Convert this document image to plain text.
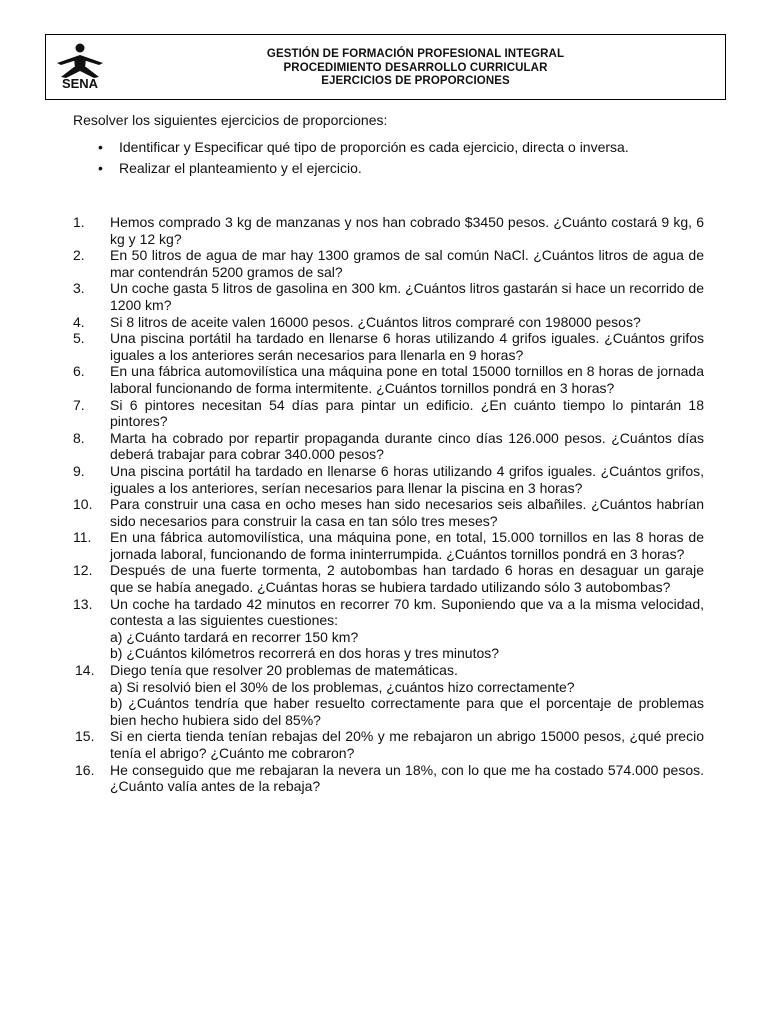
SENA
GESTIÓN DE FORMACIÓN PROFESIONAL INTEGRAL
PROCEDIMIENTO DESARROLLO CURRICULAR
EJERCICIOS DE PROPORCIONES
Resolver los siguientes ejercicios de proporciones:
• Identificar y Especificar qué tipo de proporción es cada ejercicio, directa o inversa.
• Realizar el planteamiento y el ejercicio.
1. Hemos comprado 3 kg de manzanas y nos han cobrado $3450 pesos. ¿Cuánto costará 9 kg, 6 kg y 12 kg?

2. En 50 litros de agua de mar hay 1300 gramos de sal común NaCl. ¿Cuántos litros de agua de mar contendrán 5200 gramos de sal?

3. Un coche gasta 5 litros de gasolina en 300 km. ¿Cuántos litros gastarán si hace un recorrido de 1200 km?

4. Si 8 litros de aceite valen 16000 pesos. ¿Cuántos litros compraré con 198000 pesos?

5. Una piscina portátil ha tardado en llenarse 6 horas utilizando 4 grifos iguales. ¿Cuántos grifos iguales a los anteriores serán necesarios para llenarla en 9 horas?

6. En una fábrica automovilística una máquina pone en total 15000 tornillos en 8 horas de jornada laboral funcionando de forma intermitente. ¿Cuántos tornillos pondrá en 3 horas?

7. Si 6 pintores necesitan 54 días para pintar un edificio. ¿En cuánto tiempo lo pintarán 18 pintores?

8. Marta ha cobrado por repartir propaganda durante cinco días 126.000 pesos. ¿Cuántos días deberá trabajar para cobrar 340.000 pesos?

9. Una piscina portátil ha tardado en llenarse 6 horas utilizando 4 grifos iguales. ¿Cuántos grifos, iguales a los anteriores, serían necesarios para llenar la piscina en 3 horas?

10. Para construir una casa en ocho meses han sido necesarios seis albañiles. ¿Cuántos habrían sido necesarios para construir la casa en tan sólo tres meses?

11. En una fábrica automovilística, una máquina pone, en total, 15.000 tornillos en las 8 horas de jornada laboral, funcionando de forma ininterrumpida. ¿Cuántos tornillos pondrá en 3 horas?

12. Después de una fuerte tormenta, 2 autobombas han tardado 6 horas en desaguar un garaje que se había anegado. ¿Cuántas horas se hubiera tardado utilizando sólo 3 autobombas?

13. Un coche ha tardado 42 minutos en recorrer 70 km. Suponiendo que va a la misma velocidad, contesta a las siguientes cuestiones:

a) ¿Cuánto tardará en recorrer 150 km?

b) ¿Cuántos kilómetros recorrerá en dos horas y tres minutos?

14. Diego tenía que resolver 20 problemas de matemáticas.

a) Si resolvió bien el 30% de los problemas, ¿cuántos hizo correctamente?

b) ¿Cuántos tendría que haber resuelto correctamente para que el porcentaje de problemas bien hecho hubiera sido del 85%?

15. Si en cierta tienda tenían rebajas del 20% y me rebajaron un abrigo 15000 pesos, ¿qué precio tenía el abrigo? ¿Cuánto me cobraron?

16. He conseguido que me rebajaran la nevera un 18%, con lo que me ha costado 574.000 pesos. ¿Cuánto valía antes de la rebaja?
